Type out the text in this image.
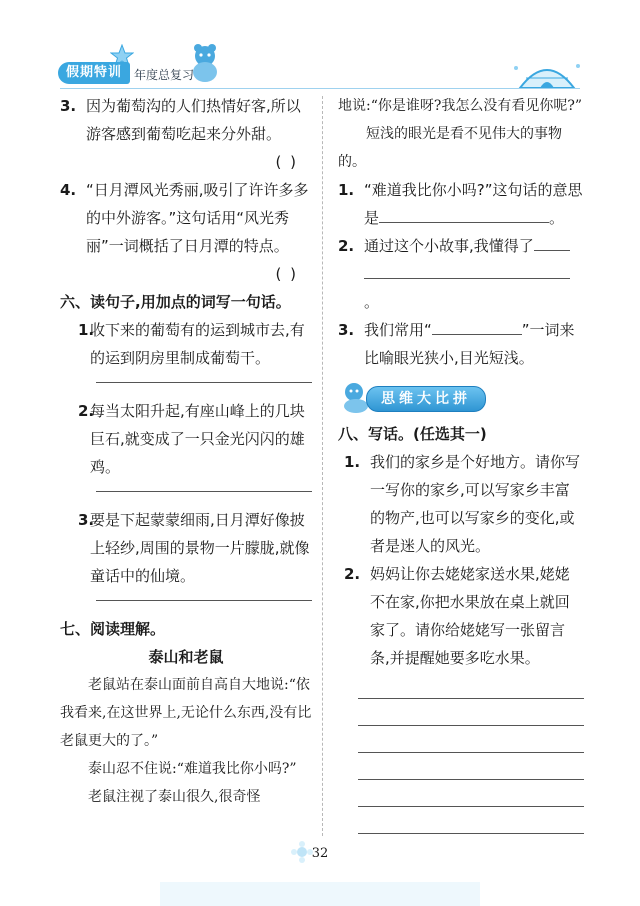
假期特训 年度总复习
3. 因为葡萄沟的人们热情好客,所以游客感到葡萄吃起来分外甜。
( )
4. “日月潭风光秀丽,吸引了许许多多的中外游客。”这句话用“风光秀丽”一词概括了日月潭的特点。
( )
六、读句子,用加点的词写一句话。
1.
收下来的葡萄有的运到城市去,有的运到阴房里制成葡萄干。
2.
每当太阳升起,有座山峰上的几块巨石,就变成了一只金光闪闪的雄鸡。
3.
要是下起蒙蒙细雨,日月潭好像披上轻纱,周围的景物一片朦胧,就像童话中的仙境。
七、阅读理解。
泰山和老鼠
老鼠站在泰山面前自高自大地说:“依我看来,在这世界上,无论什么东西,没有比老鼠更大的了。”
泰山忍不住说:“难道我比你小吗?”
老鼠注视了泰山很久,很奇怪
地说:“你是谁呀?我怎么没有看见你呢?”
短浅的眼光是看不见伟大的事物的。
1. “难道我比你小吗?”这句话的意思是	。
2. 通过这个小故事,我懂得了
。
3. 我们常用“	”一词来比喻眼光狭小,目光短浅。
思维大比拼
八、写话。(任选其一)
1. 我们的家乡是个好地方。请你写一写你的家乡,可以写家乡丰富的物产,也可以写家乡的变化,或者是迷人的风光。
2. 妈妈让你去姥姥家送水果,姥姥不在家,你把水果放在桌上就回家了。请你给姥姥写一张留言条,并提醒她要多吃水果。
32
